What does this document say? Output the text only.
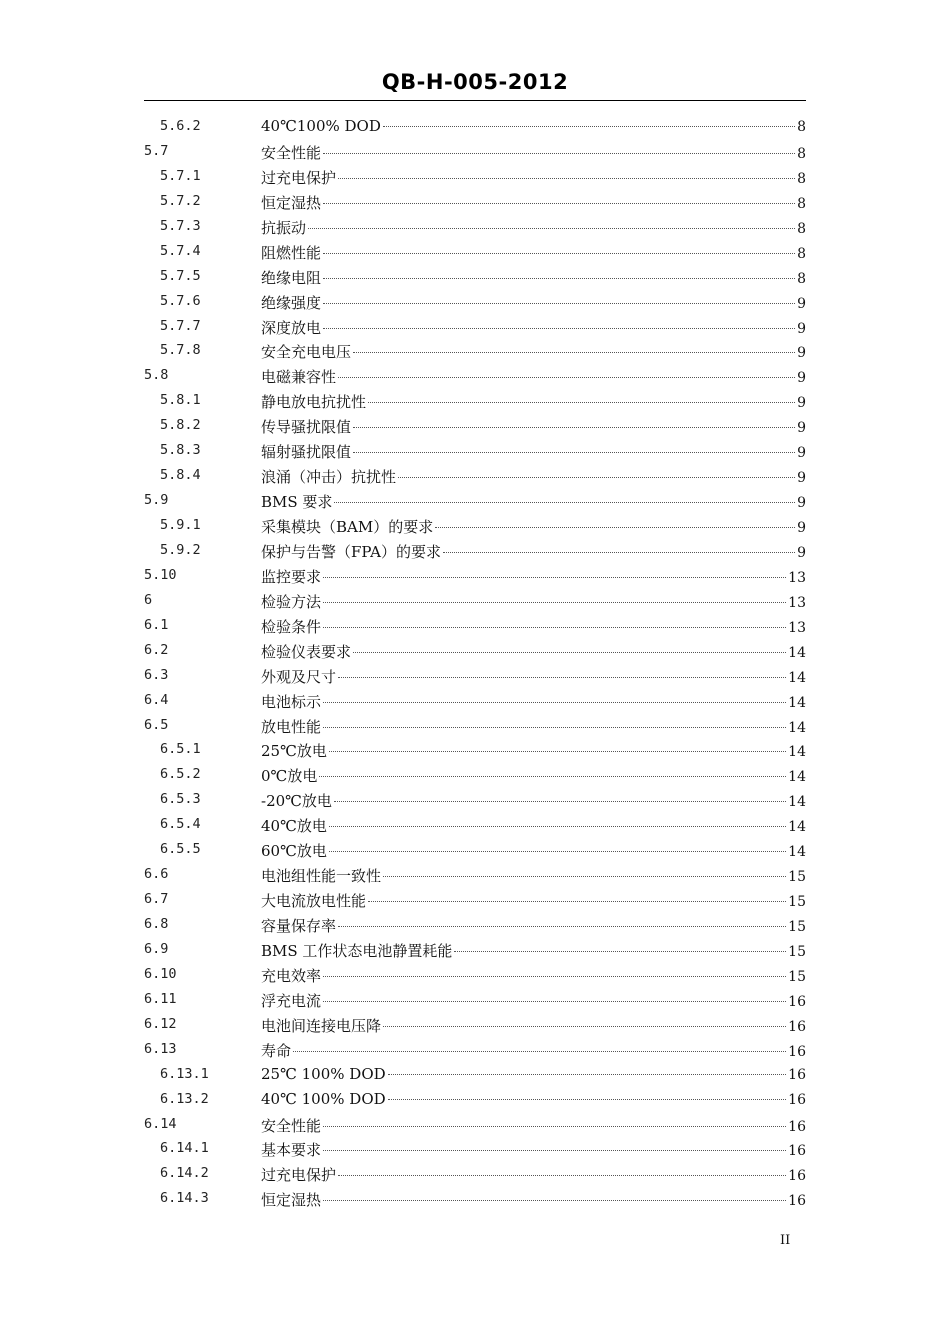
QB-H-005-2012
5.6.2	40℃100% DOD	8
5.7	安全性能	8
5.7.1	过充电保护	8
5.7.2	恒定湿热	8
5.7.3	抗振动	8
5.7.4	阻燃性能	8
5.7.5	绝缘电阻	8
5.7.6	绝缘强度	9
5.7.7	深度放电	9
5.7.8	安全充电电压	9
5.8	电磁兼容性	9
5.8.1	静电放电抗扰性	9
5.8.2	传导骚扰限值	9
5.8.3	辐射骚扰限值	9
5.8.4	浪涌（冲击）抗扰性	9
5.9	BMS 要求	9
5.9.1	采集模块（BAM）的要求	9
5.9.2	保护与告警（FPA）的要求	9
5.10	监控要求	13
6	检验方法	13
6.1	检验条件	13
6.2	检验仪表要求	14
6.3	外观及尺寸	14
6.4	电池标示	14
6.5	放电性能	14
6.5.1	25℃放电	14
6.5.2	0℃放电	14
6.5.3	-20℃放电	14
6.5.4	40℃放电	14
6.5.5	60℃放电	14
6.6	电池组性能一致性	15
6.7	大电流放电性能	15
6.8	容量保存率	15
6.9	BMS 工作状态电池静置耗能	15
6.10	充电效率	15
6.11	浮充电流	16
6.12	电池间连接电压降	16
6.13	寿命	16
6.13.1	25℃ 100% DOD	16
6.13.2	40℃ 100% DOD	16
6.14	安全性能	16
6.14.1	基本要求	16
6.14.2	过充电保护	16
6.14.3	恒定湿热	16
II
